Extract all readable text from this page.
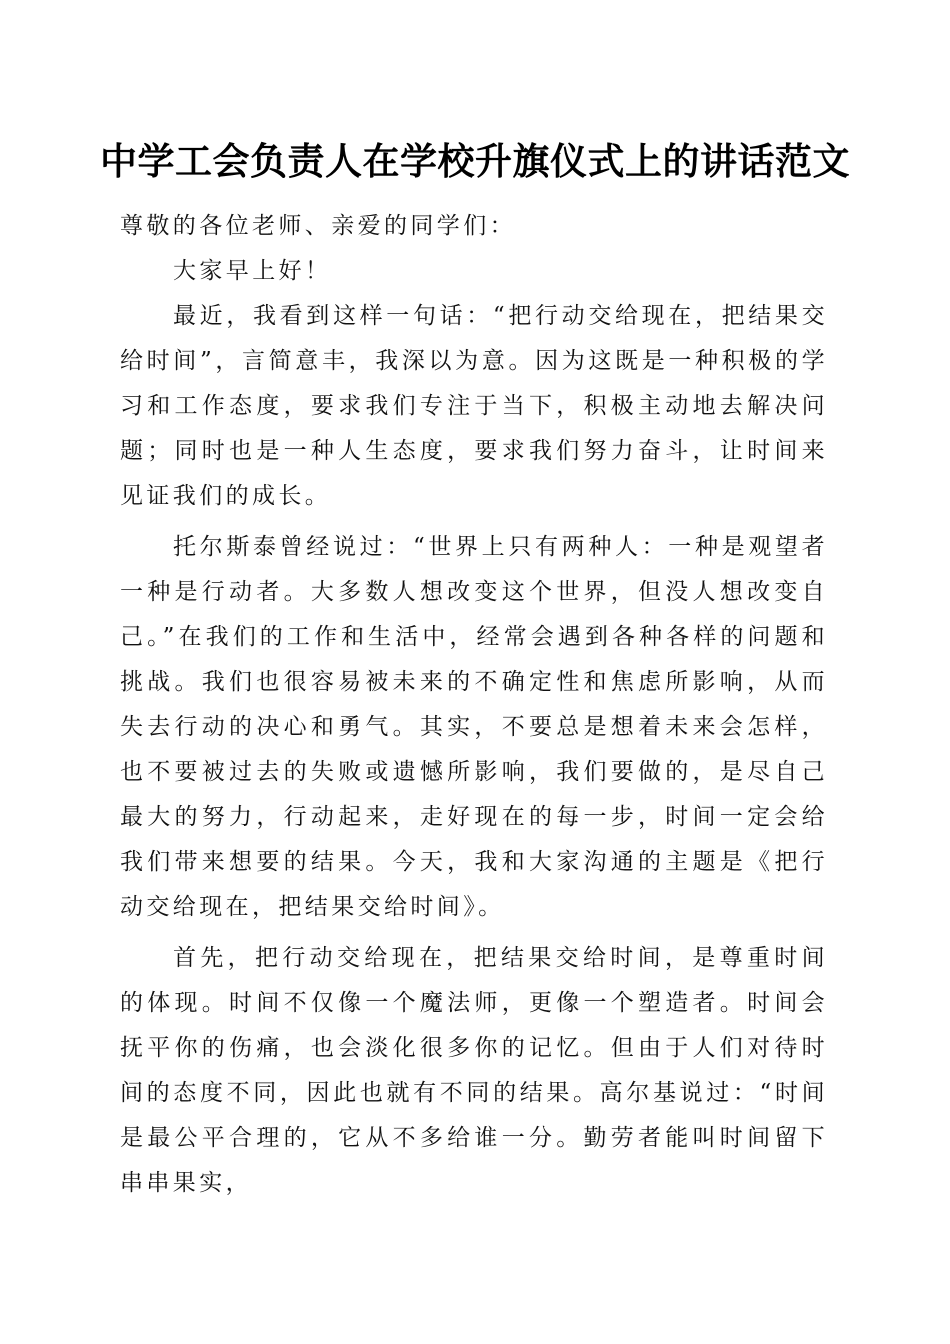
中学工会负责人在学校升旗仪式上的讲话范文

尊敬的各位老师、亲爱的同学们：

大家早上好！

最近，我看到这样一句话：“把行动交给现在，把结果交给时间”，言简意丰，我深以为意。因为这既是一种积极的学习和工作态度，要求我们专注于当下，积极主动地去解决问题；同时也是一种人生态度，要求我们努力奋斗，让时间来见证我们的成长。

托尔斯泰曾经说过：“世界上只有两种人：一种是观望者一种是行动者。大多数人想改变这个世界，但没人想改变自己。”在我们的工作和生活中，经常会遇到各种各样的问题和挑战。我们也很容易被未来的不确定性和焦虑所影响，从而失去行动的决心和勇气。其实，不要总是想着未来会怎样，也不要被过去的失败或遗憾所影响，我们要做的，是尽自己最大的努力，行动起来，走好现在的每一步，时间一定会给我们带来想要的结果。今天，我和大家沟通的主题是《把行动交给现在，把结果交给时间》。

首先，把行动交给现在，把结果交给时间，是尊重时间的体现。时间不仅像一个魔法师，更像一个塑造者。时间会抚平你的伤痛，也会淡化很多你的记忆。但由于人们对待时间的态度不同，因此也就有不同的结果。高尔基说过：“时间是最公平合理的，它从不多给谁一分。勤劳者能叫时间留下串串果实，
